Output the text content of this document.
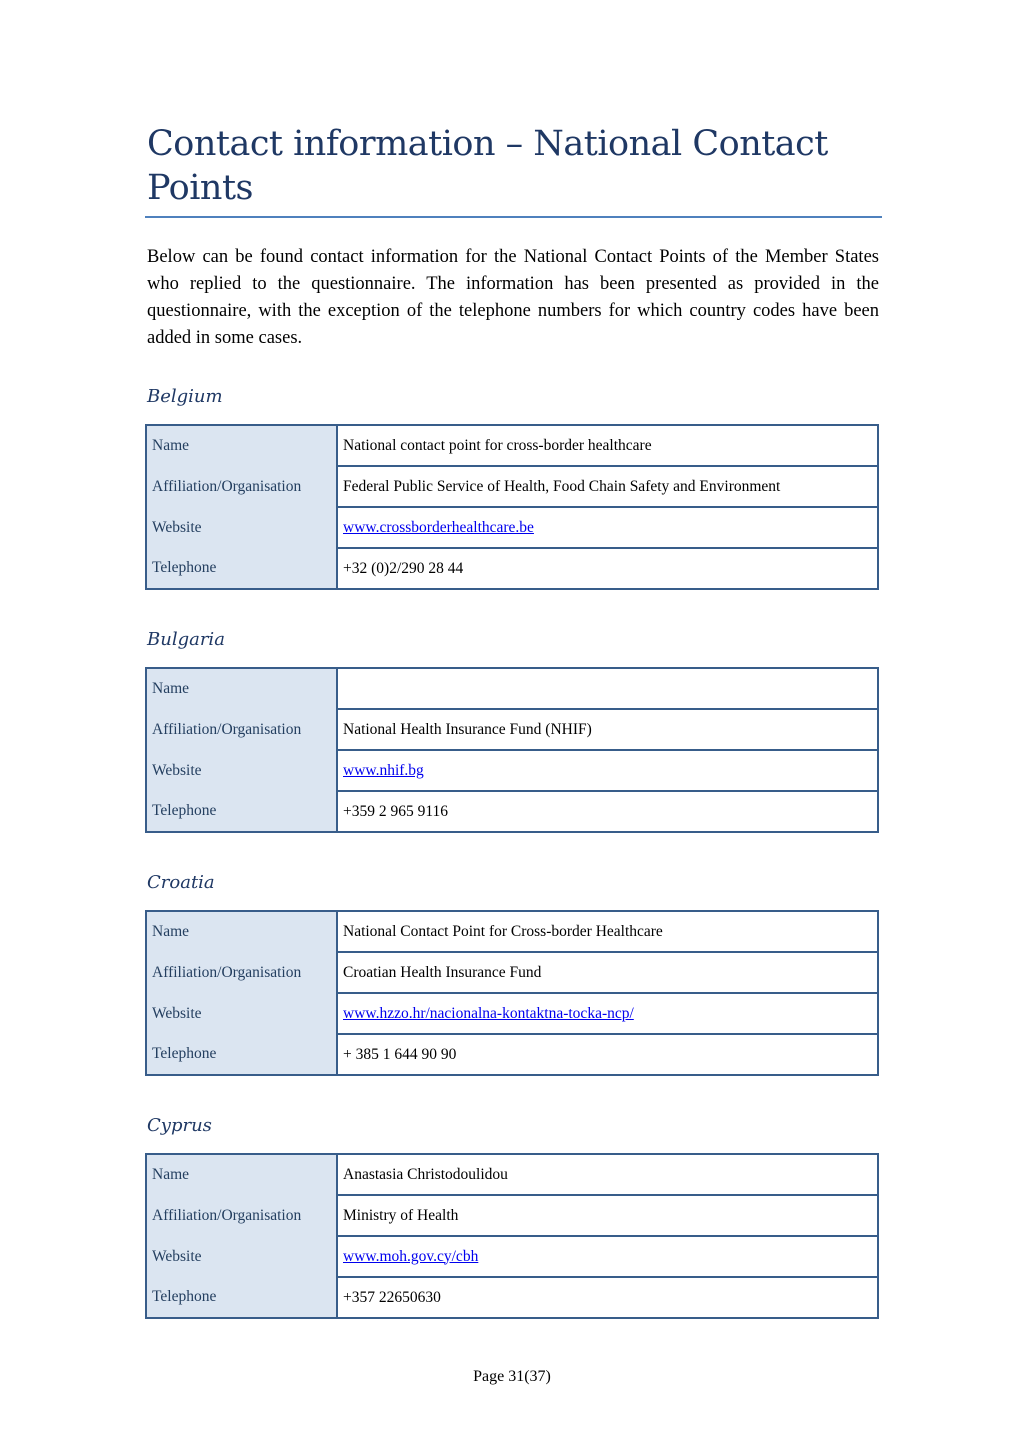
Contact information – National Contact Points

Below can be found contact information for the National Contact Points of the Member States who replied to the questionnaire. The information has been presented as provided in the questionnaire, with the exception of the telephone numbers for which country codes have been added in some cases.

Belgium
Name	National contact point for cross-border healthcare
Affiliation/Organisation	Federal Public Service of Health, Food Chain Safety and Environment
Website	www.crossborderhealthcare.be
Telephone	+32 (0)2/290 28 44
Bulgaria
Name	
Affiliation/Organisation	National Health Insurance Fund (NHIF)
Website	www.nhif.bg
Telephone	+359 2 965 9116
Croatia
Name	National Contact Point for Cross-border Healthcare
Affiliation/Organisation	Croatian Health Insurance Fund
Website	www.hzzo.hr/nacionalna-kontaktna-tocka-ncp/
Telephone	+ 385 1 644 90 90
Cyprus
Name	Anastasia Christodoulidou
Affiliation/Organisation	Ministry of Health
Website	www.moh.gov.cy/cbh
Telephone	+357 22650630

Page 31(37)
